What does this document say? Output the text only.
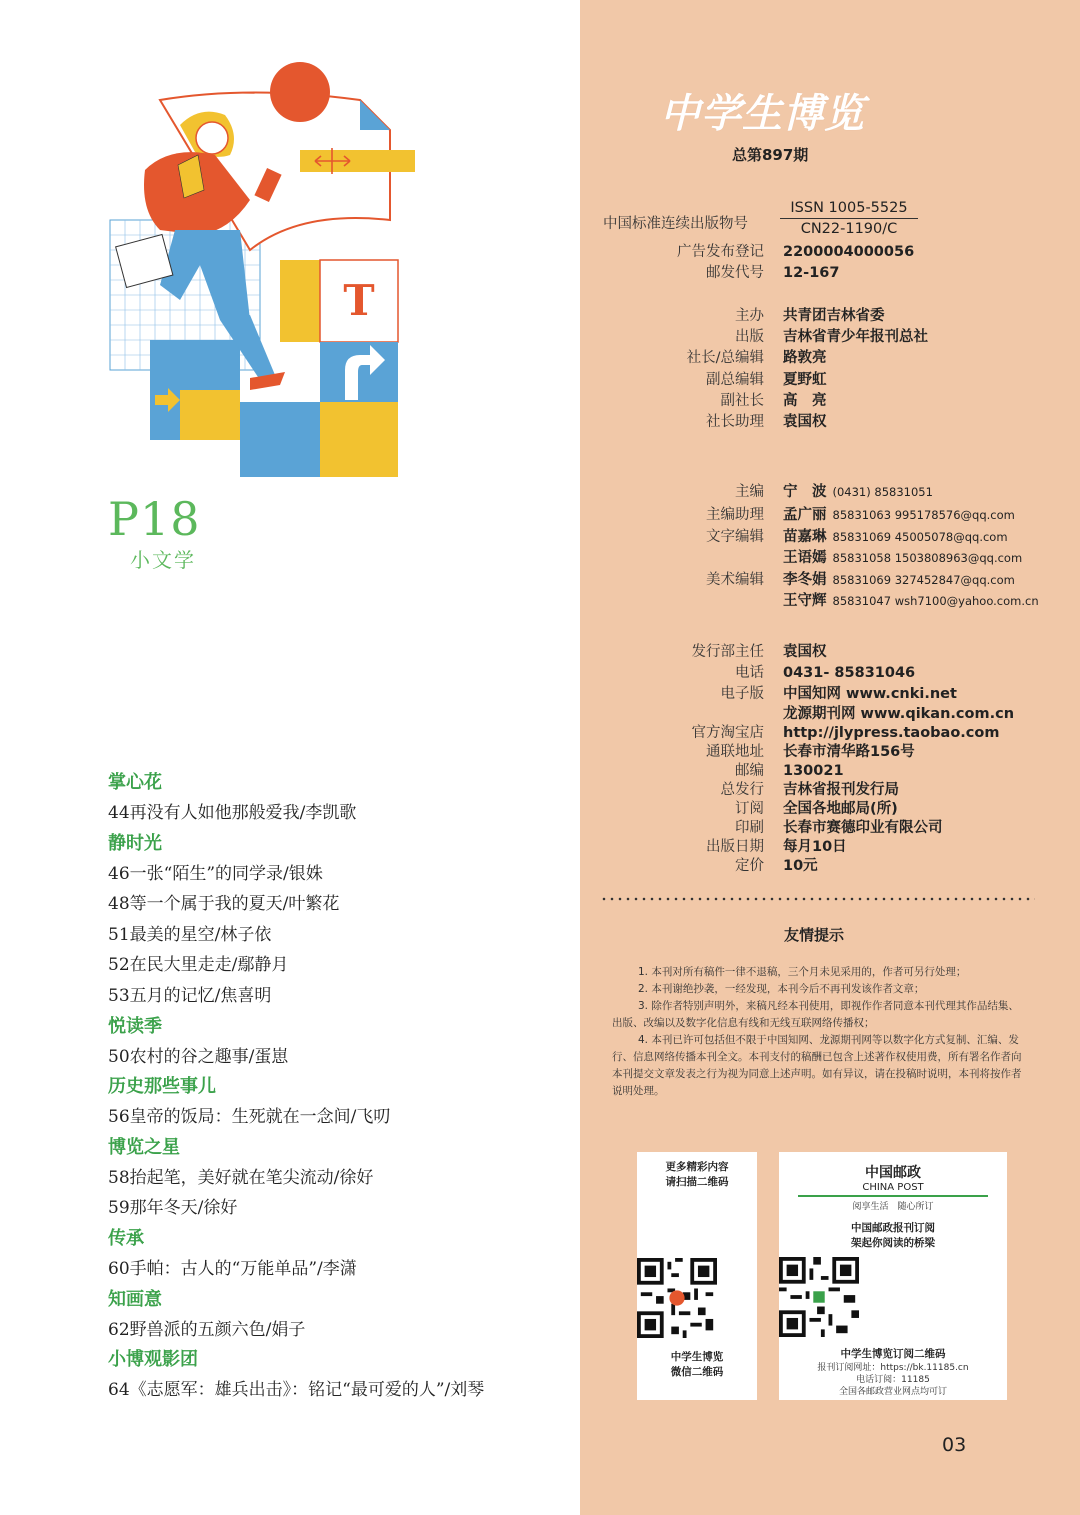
T
P18
小文学
掌心花
44再没有人如他那般爱我/李凯歌
静时光
46一张“陌生”的同学录/银姝
48等一个属于我的夏天/叶繁花
51最美的星空/林子依
52在民大里走走/鄢静月
53五月的记忆/焦喜明
悦读季
50农村的谷之趣事/蛋崽
历史那些事儿
56皇帝的饭局：生死就在一念间/飞叨
博览之星
58抬起笔，美好就在笔尖流动/徐好
59那年冬天/徐好
传承
60手帕：古人的“万能单品”/李潇
知画意
62野兽派的五颜六色/娟子
小博观影团
64《志愿军：雄兵出击》：铭记“最可爱的人”/刘琴
中学生博览
总第897期
中国标准连续出版物号
ISSN 1005-5525
CN22-1190/C
广告发布登记 2200004000056
邮发代号 12-167
主办 共青团吉林省委
出版 吉林省青少年报刊总社
社长/总编辑 路敦亮
副总编辑 夏野虹
副社长 高　亮
社长助理 袁国权
主编 宁　波 (0431) 85831051
主编助理 孟广丽 85831063 995178576@qq.com
文字编辑 苗嘉琳 85831069 45005078@qq.com
王语嫣 85831058 1503808963@qq.com
美术编辑 李冬娟 85831069 327452847@qq.com
王守辉 85831047 wsh7100@yahoo.com.cn
发行部主任 袁国权
电话 0431- 85831046
电子版 中国知网 www.cnki.net
龙源期刊网 www.qikan.com.cn
官方淘宝店 http://jlypress.taobao.com
通联地址 长春市清华路156号
邮编 130021
总发行 吉林省报刊发行局
订阅 全国各地邮局(所)
印刷 长春市赛德印业有限公司
出版日期 每月10日
定价 10元
友情提示

1. 本刊对所有稿件一律不退稿，三个月未见采用的，作者可另行处理；

2. 本刊谢绝抄袭，一经发现，本刊今后不再刊发该作者文章；

3. 除作者特别声明外，来稿凡经本刊使用，即视作作者同意本刊代理其作品结集、出版、改编以及数字化信息有线和无线互联网络传播权；

4. 本刊已许可包括但不限于中国知网、龙源期刊网等以数字化方式复制、汇编、发行、信息网络传播本刊全文。本刊支付的稿酬已包含上述著作权使用费，所有署名作者向本刊提交文章发表之行为视为同意上述声明。如有异议，请在投稿时说明，本刊将按作者说明处理。

更多精彩内容
请扫描二维码
中学生博览
微信二维码
中国邮政
CHINA POST
阅享生活　随心所订
中国邮政报刊订阅
架起你阅读的桥梁
中学生博览订阅二维码
报刊订阅网址：https://bk.11185.cn
电话订阅：11185
全国各邮政营业网点均可订
03
